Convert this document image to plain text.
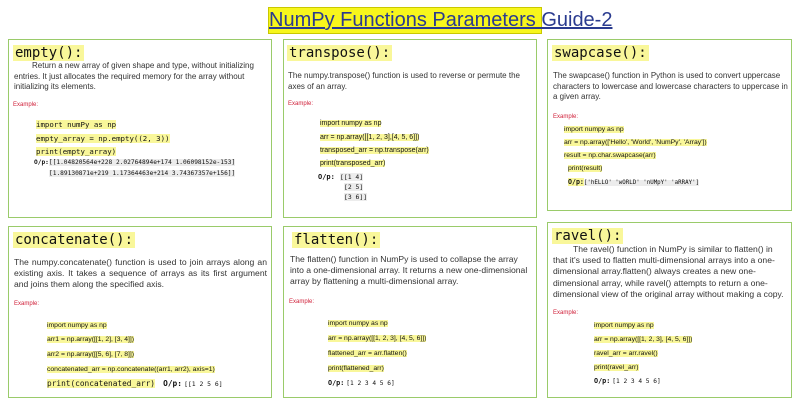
NumPy Functions Parameters Guide-2
empty():
Return a new array of given shape and type, without initializing entries. It just allocates the required memory for the array without initializing its elements.
Example:
import numPy as np
empty_array = np.empty((2, 3))
print(empty_array)
O/p:[[1.04820564e+228 2.02764894e+174 1.06098152e-153]
[1.89130871e+219 1.17364463e+214 3.74367357e+156]]
transpose():
The numpy.transpose() function is used to reverse or permute the axes of an array.
Example:
import numpy as np
arr = np.array([[1, 2, 3],[4, 5, 6]])
transposed_arr = np.transpose(arr)
print(transposed_arr)
O/p: [[1 4]
[2 5]
[3 6]]
swapcase():
The swapcase() function in Python is used to convert uppercase characters to lowercase and lowercase characters to uppercase in a given array.
Example:
import numpy as np
arr = np.array(['Hello', 'World', 'NumPy', 'Array'])
result = np.char.swapcase(arr)
print(result)
O/p:['hELLO' 'wORLD' 'nUMpY' 'aRRAY']
concatenate():
The numpy.concatenate() function is used to join arrays along an existing axis. It takes a sequence of arrays as its first argument and joins them along the specified axis.
Example:
import numpy as np
arr1 = np.array([[1, 2], [3, 4]])
arr2 = np.array([[5, 6], [7, 8]])
concatenated_arr = np.concatenate((arr1, arr2), axis=1)
print(concatenated_arr) O/p: [[1 2 5 6]
flatten():
The flatten() function in NumPy is used to collapse the array into a one-dimensional array. It returns a new one-dimensional array by flattening a multi-dimensional array.
Example:
import numpy as np
arr = np.array([[1, 2, 3], [4, 5, 6]])
flattened_arr = arr.flatten()
print(flattened_arr)
O/p: [1 2 3 4 5 6]
ravel():
The ravel() function in NumPy is similar to flatten() in that it's used to flatten multi-dimensional arrays into a one-dimensional array.flatten() always creates a new one-dimensional array, while ravel() attempts to return a one-dimensional view of the original array without making a copy.
Example:
import numpy as np
arr = np.array([[1, 2, 3], [4, 5, 6]])
ravel_arr = arr.ravel()
print(ravel_arr)
O/p: [1 2 3 4 5 6]
